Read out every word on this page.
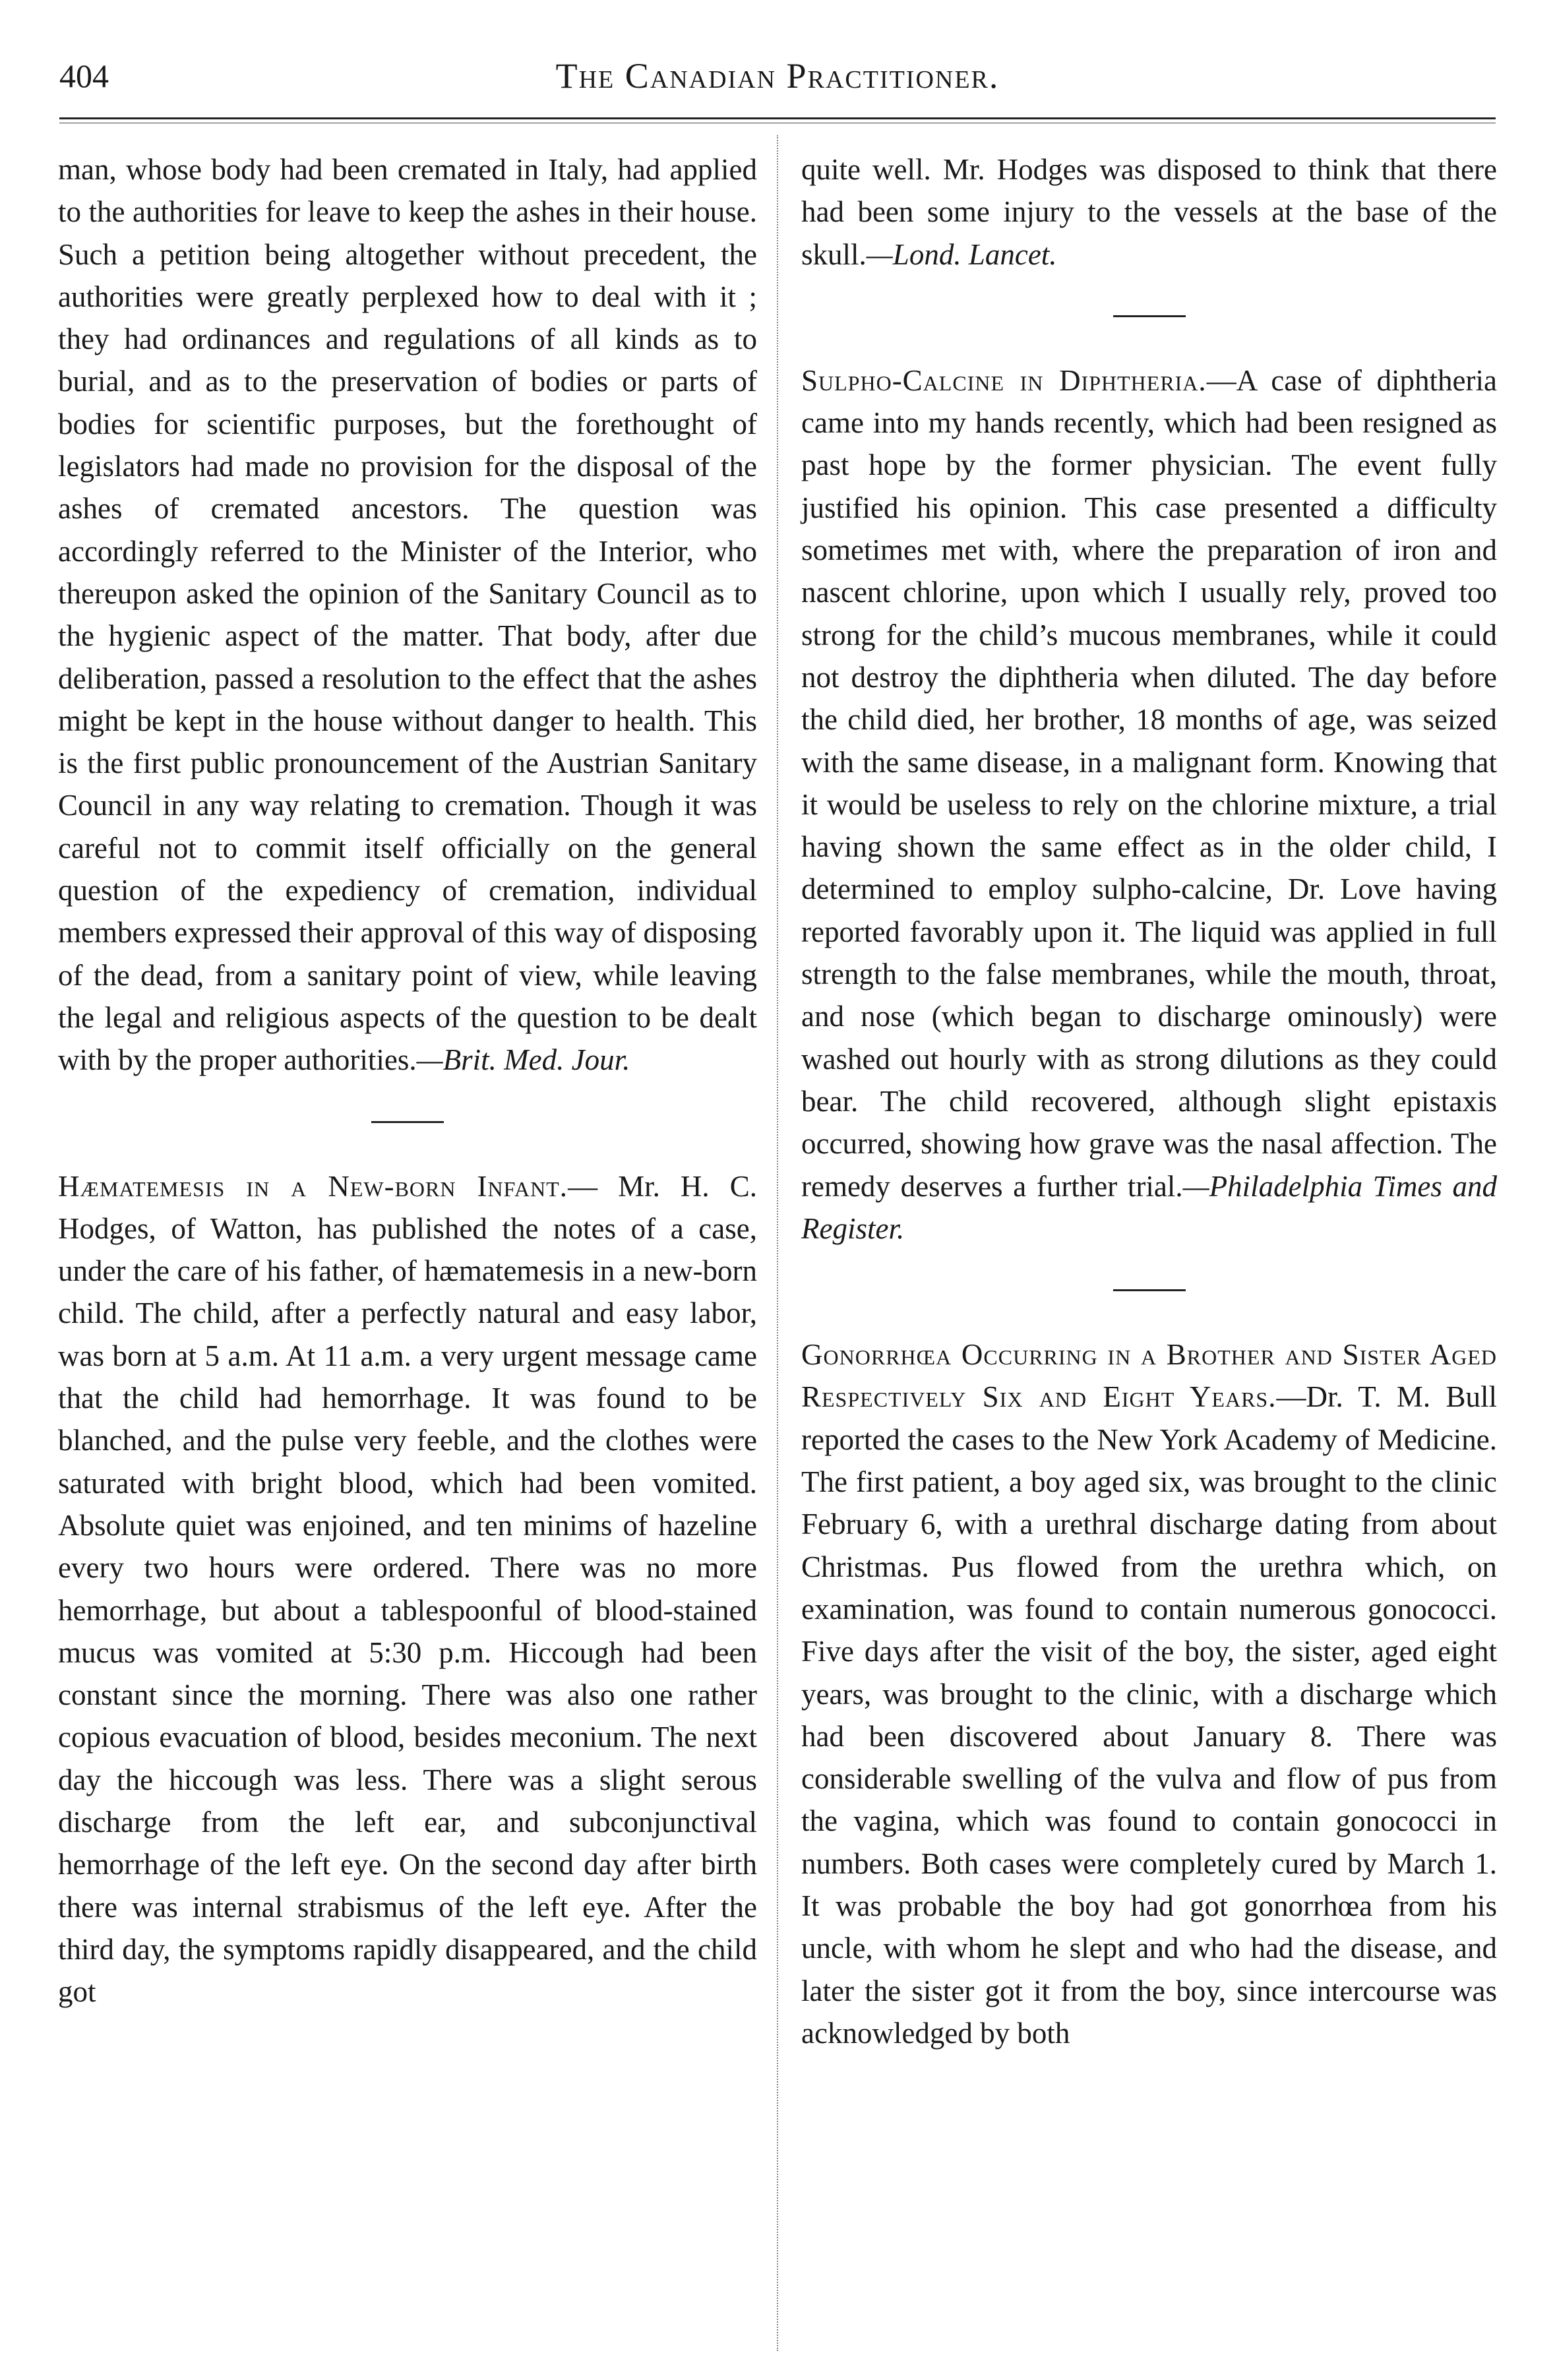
404	The Canadian Practitioner.

man, whose body had been cremated in Italy, had applied to the authorities for leave to keep the ashes in their house. Such a petition being altogether without precedent, the authorities were greatly perplexed how to deal with it ; they had ordinances and regulations of all kinds as to burial, and as to the preservation of bodies or parts of bodies for scientific purposes, but the forethought of legislators had made no provision for the disposal of the ashes of cremated ancestors. The question was accordingly referred to the Minister of the Interior, who thereupon asked the opinion of the Sanitary Council as to the hygienic aspect of the matter. That body, after due deliberation, passed a resolution to the effect that the ashes might be kept in the house without danger to health. This is the first public pronouncement of the Austrian Sanitary Council in any way relating to cremation. Though it was careful not to commit itself officially on the general question of the expediency of cremation, individual members expressed their approval of this way of disposing of the dead, from a sanitary point of view, while leaving the legal and religious aspects of the question to be dealt with by the proper authorities.—Brit. Med. Jour.

Hæmatemesis in a New-born Infant.— Mr. H. C. Hodges, of Watton, has published the notes of a case, under the care of his father, of hæmatemesis in a new-born child. The child, after a perfectly natural and easy labor, was born at 5 a.m. At 11 a.m. a very urgent message came that the child had hemorrhage. It was found to be blanched, and the pulse very feeble, and the clothes were saturated with bright blood, which had been vomited. Absolute quiet was enjoined, and ten minims of hazeline every two hours were ordered. There was no more hemorrhage, but about a tablespoonful of blood-stained mucus was vomited at 5:30 p.m. Hiccough had been constant since the morning. There was also one rather copious evacuation of blood, besides meconium. The next day the hiccough was less. There was a slight serous discharge from the left ear, and subconjunctival hemorrhage of the left eye. On the second day after birth there was internal strabismus of the left eye. After the third day, the symptoms rapidly disappeared, and the child got

quite well. Mr. Hodges was disposed to think that there had been some injury to the vessels at the base of the skull.—Lond. Lancet.

Sulpho-Calcine in Diphtheria.—A case of diphtheria came into my hands recently, which had been resigned as past hope by the former physician. The event fully justified his opinion. This case presented a difficulty sometimes met with, where the preparation of iron and nascent chlorine, upon which I usually rely, proved too strong for the child’s mucous membranes, while it could not destroy the diphtheria when diluted. The day before the child died, her brother, 18 months of age, was seized with the same disease, in a malignant form. Knowing that it would be useless to rely on the chlorine mixture, a trial having shown the same effect as in the older child, I determined to employ sulpho-calcine, Dr. Love having reported favorably upon it. The liquid was applied in full strength to the false membranes, while the mouth, throat, and nose (which began to discharge ominously) were washed out hourly with as strong dilutions as they could bear. The child recovered, although slight epistaxis occurred, showing how grave was the nasal affection. The remedy deserves a further trial.—Philadelphia Times and Register.

Gonorrhœa Occurring in a Brother and Sister Aged Respectively Six and Eight Years.—Dr. T. M. Bull reported the cases to the New York Academy of Medicine. The first patient, a boy aged six, was brought to the clinic February 6, with a urethral discharge dating from about Christmas. Pus flowed from the urethra which, on examination, was found to contain numerous gonococci. Five days after the visit of the boy, the sister, aged eight years, was brought to the clinic, with a discharge which had been discovered about January 8. There was considerable swelling of the vulva and flow of pus from the vagina, which was found to contain gonococci in numbers. Both cases were completely cured by March 1. It was probable the boy had got gonorrhœa from his uncle, with whom he slept and who had the disease, and later the sister got it from the boy, since intercourse was acknowledged by both
